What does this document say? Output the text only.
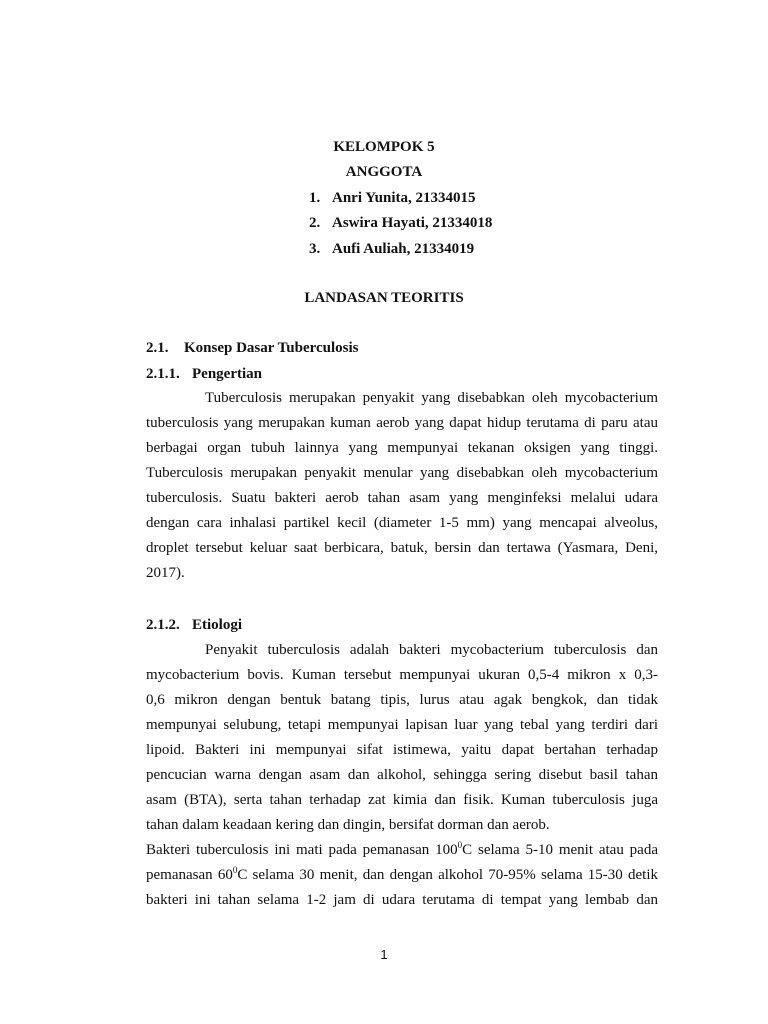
KELOMPOK 5
ANGGOTA
1. Anri Yunita, 21334015
2. Aswira Hayati, 21334018
3. Aufi Auliah, 21334019
LANDASAN TEORITIS
2.1. Konsep Dasar Tuberculosis
2.1.1. Pengertian
Tuberculosis merupakan penyakit yang disebabkan oleh mycobacterium
tuberculosis yang merupakan kuman aerob yang dapat hidup terutama di paru atau
berbagai organ tubuh lainnya yang mempunyai tekanan oksigen yang tinggi.
Tuberculosis merupakan penyakit menular yang disebabkan oleh mycobacterium
tuberculosis. Suatu bakteri aerob tahan asam yang menginfeksi melalui udara
dengan cara inhalasi partikel kecil (diameter 1-5 mm) yang mencapai alveolus,
droplet tersebut keluar saat berbicara, batuk, bersin dan tertawa (Yasmara, Deni,
2017).
2.1.2. Etiologi
Penyakit tuberculosis adalah bakteri mycobacterium tuberculosis dan
mycobacterium bovis. Kuman tersebut mempunyai ukuran 0,5-4 mikron x 0,3-
0,6 mikron dengan bentuk batang tipis, lurus atau agak bengkok, dan tidak
mempunyai selubung, tetapi mempunyai lapisan luar yang tebal yang terdiri dari
lipoid. Bakteri ini mempunyai sifat istimewa, yaitu dapat bertahan terhadap
pencucian warna dengan asam dan alkohol, sehingga sering disebut basil tahan
asam (BTA), serta tahan terhadap zat kimia dan fisik. Kuman tuberculosis juga
tahan dalam keadaan kering dan dingin, bersifat dorman dan aerob.
Bakteri tuberculosis ini mati pada pemanasan $100^0C$ selama 5-10 menit atau pada
pemanasan $60^0C$ selama 30 menit, dan dengan alkohol 70-95% selama 15-30 detik
bakteri ini tahan selama 1-2 jam di udara terutama di tempat yang lembab dan
1
